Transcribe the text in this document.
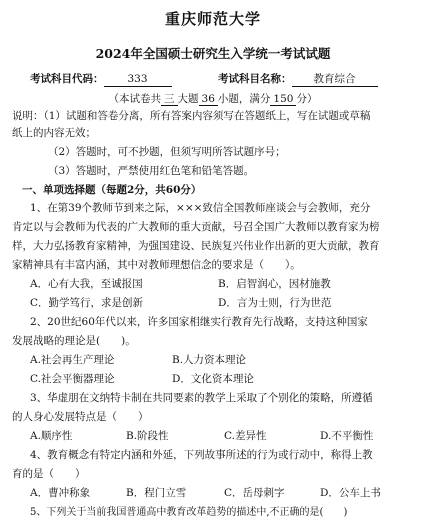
重庆师范大学
2024年全国硕士研究生入学统一考试试题
考试科目代码： 333	考试科目名称： 教育综合
（本试卷共 三 大题 36 小题，满分 150 分）
说明：（1）试题和答卷分离，所有答案内容须写在答题纸上，写在试题或草稿
纸上的内容无效；
（2）答题时，可不抄题，但须写明所答试题序号；
（3）答题时，严禁使用红色笔和铅笔答题。
一、单项选择题（每题2分，共60分）
1、在第39个教师节到来之际，×××致信全国教师座谈会与会教师，充分
肯定以与会教师为代表的广大教师的重大贡献，号召全国广大教师以教育家为榜
样，大力弘扬教育家精神，为强国建设、民族复兴伟业作出新的更大贡献，教育
家精神具有丰富内涵，其中对教师理想信念的要求是（　　）。
A．心有大我，至诚报国	B．启智润心，因材施教
C．勤学笃行，求是创新	D．言为士则，行为世范
2、20世纪60年代以来，许多国家相继实行教育先行战略，支持这种国家
发展战略的理论是(　　)。
A.社会再生产理论	B.人力资本理论
C.社会平衡器理论	D．文化资本理论
3、华虚朋在文纳特卡制在共同要素的教学上采取了个别化的策略，所遵循
的人身心发展特点是（　　）
A.顺序性	B.阶段性	C.差异性	D.不平衡性
4、教育概念有特定内涵和外延，下列故事所述的行为或行动中，称得上教
育的是（　　）
A．曹冲称象	B．程门立雪	C．岳母刺字	D．公车上书
5、下列关于当前我国普通高中教育改革趋势的描述中,不正确的是(　　)
